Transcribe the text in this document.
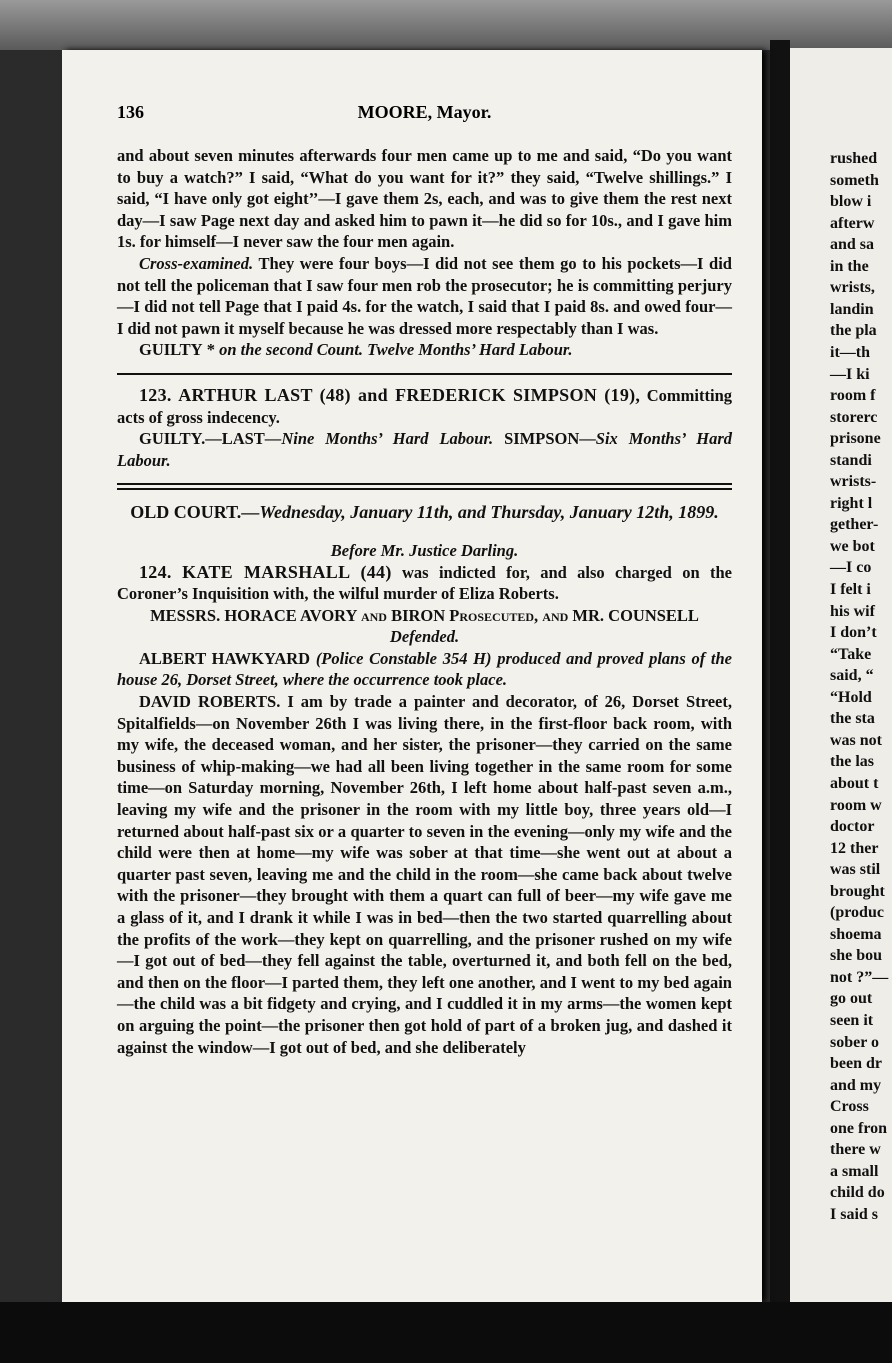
rushed
someth
blow i
afterw
and sa
in the
wrists,
landin
the pla
it—th
—I ki
room f
storerc
prisone
standi
wrists-
right l
gether-
we bot
—I co
I felt i
his wif
I don’t
“Take
said, “
“Hold
the sta
was not
the las
about t
room w
doctor
12 ther
was stil
brought
(produc
shoema
she bou
not ?”—
go out
seen it
sober o
been dr
and my
Cross
one fron
there w
a small
child do
I said s
136	MOORE, Mayor.

and about seven minutes afterwards four men came up to me and said, “Do you want to buy a watch?” I said, “What do you want for it?” they said, “Twelve shillings.” I said, “I have only got eight’’—I gave them 2s, each, and was to give them the rest next day—I saw Page next day and asked him to pawn it—he did so for 10s., and I gave him 1s. for himself—I never saw the four men again.

Cross-examined. They were four boys—I did not see them go to his pockets—I did not tell the policeman that I saw four men rob the prosecutor; he is committing perjury—I did not tell Page that I paid 4s. for the watch, I said that I paid 8s. and owed four—I did not pawn it myself because he was dressed more respectably than I was.

GUILTY * on the second Count. Twelve Months’ Hard Labour.

123. ARTHUR LAST (48) and FREDERICK SIMPSON (19), Committing acts of gross indecency.

GUILTY.—LAST—Nine Months’ Hard Labour. SIMPSON—Six Months’ Hard Labour.

OLD COURT.—Wednesday, January 11th, and Thursday, January 12th, 1899.

Before Mr. Justice Darling.

124. KATE MARSHALL (44) was indicted for, and also charged on the Coroner’s Inquisition with, the wilful murder of Eliza Roberts.

MESSRS. HORACE AVORY and BIRON Prosecuted, and MR. COUNSELL
Defended.

ALBERT HAWKYARD (Police Constable 354 H) produced and proved plans of the house 26, Dorset Street, where the occurrence took place.

DAVID ROBERTS. I am by trade a painter and decorator, of 26, Dorset Street, Spitalfields—on November 26th I was living there, in the first-floor back room, with my wife, the deceased woman, and her sister, the prisoner—they carried on the same business of whip-making—we had all been living together in the same room for some time—on Saturday morning, November 26th, I left home about half-past seven a.m., leaving my wife and the prisoner in the room with my little boy, three years old—I returned about half-past six or a quarter to seven in the evening—only my wife and the child were then at home—my wife was sober at that time—she went out at about a quarter past seven, leaving me and the child in the room—she came back about twelve with the prisoner—they brought with them a quart can full of beer—my wife gave me a glass of it, and I drank it while I was in bed—then the two started quarrelling about the profits of the work—they kept on quarrelling, and the prisoner rushed on my wife—I got out of bed—they fell against the table, overturned it, and both fell on the bed, and then on the floor—I parted them, they left one another, and I went to my bed again—the child was a bit fidgety and crying, and I cuddled it in my arms—the women kept on arguing the point—the prisoner then got hold of part of a broken jug, and dashed it against the window—I got out of bed, and she deliberately
